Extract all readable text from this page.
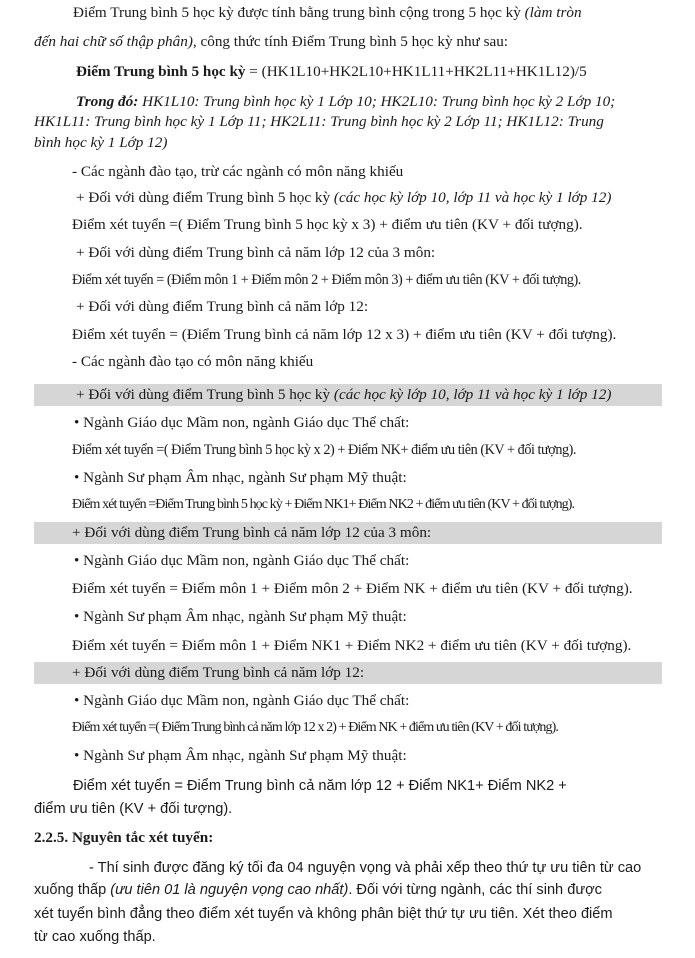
Điểm Trung bình 5 học kỳ được tính bằng trung bình cộng trong 5 học kỳ (làm tròn
đến hai chữ số thập phân), công thức tính Điểm Trung bình 5 học kỳ như sau:
Điểm Trung bình 5 học kỳ = (HK1L10+HK2L10+HK1L11+HK2L11+HK1L12)/5
Trong đó: HK1L10: Trung bình học kỳ 1 Lớp 10; HK2L10: Trung bình học kỳ 2 Lớp 10;
HK1L11: Trung bình học kỳ 1 Lớp 11; HK2L11: Trung bình học kỳ 2 Lớp 11; HK1L12: Trung
bình học kỳ 1 Lớp 12)
- Các ngành đào tạo, trừ các ngành có môn năng khiếu
+ Đối với dùng điểm Trung bình 5 học kỳ (các học kỳ lớp 10, lớp 11 và học kỳ 1 lớp 12)
Điểm xét tuyển =( Điểm Trung bình 5 học kỳ x 3) + điểm ưu tiên (KV + đối tượng).
+ Đối với dùng điểm Trung bình cả năm lớp 12 của 3 môn:
Điểm xét tuyển = (Điểm môn 1 + Điểm môn 2 + Điểm môn 3) + điểm ưu tiên (KV + đối tượng).
+ Đối với dùng điểm Trung bình cả năm lớp 12:
Điểm xét tuyển = (Điểm Trung bình cả năm lớp 12 x 3) + điểm ưu tiên (KV + đối tượng).
- Các ngành đào tạo có môn năng khiếu
+ Đối với dùng điểm Trung bình 5 học kỳ (các học kỳ lớp 10, lớp 11 và học kỳ 1 lớp 12)
• Ngành Giáo dục Mầm non, ngành Giáo dục Thể chất:
Điểm xét tuyển =( Điểm Trung bình 5 học kỳ x 2) + Điểm NK+ điểm ưu tiên (KV + đối tượng).
• Ngành Sư phạm Âm nhạc, ngành Sư phạm Mỹ thuật:
Điểm xét tuyển =Điểm Trung bình 5 học kỳ + Điểm NK1+ Điểm NK2 + điểm ưu tiên (KV + đối tượng).
+ Đối với dùng điểm Trung bình cả năm lớp 12 của 3 môn:
• Ngành Giáo dục Mầm non, ngành Giáo dục Thể chất:
Điểm xét tuyển = Điểm môn 1 + Điểm môn 2 + Điểm NK + điểm ưu tiên (KV + đối tượng).
• Ngành Sư phạm Âm nhạc, ngành Sư phạm Mỹ thuật:
Điểm xét tuyển = Điểm môn 1 + Điểm NK1 + Điểm NK2 + điểm ưu tiên (KV + đối tượng).
+ Đối với dùng điểm Trung bình cả năm lớp 12:
• Ngành Giáo dục Mầm non, ngành Giáo dục Thể chất:
Điểm xét tuyển =( Điểm Trung bình cả năm lớp 12 x 2) + Điểm NK + điểm ưu tiên (KV + đối tượng).
• Ngành Sư phạm Âm nhạc, ngành Sư phạm Mỹ thuật:
Điểm xét tuyển = Điểm Trung bình cả năm lớp 12 + Điểm NK1+ Điểm NK2 +
điểm ưu tiên (KV + đối tượng).
2.2.5. Nguyên tắc xét tuyển:
- Thí sinh được đăng ký tối đa 04 nguyện vọng và phải xếp theo thứ tự ưu tiên từ cao
xuống thấp (ưu tiên 01 là nguyện vọng cao nhất). Đối với từng ngành, các thí sinh được
xét tuyển bình đẳng theo điểm xét tuyển và không phân biệt thứ tự ưu tiên. Xét theo điểm
từ cao xuống thấp.
